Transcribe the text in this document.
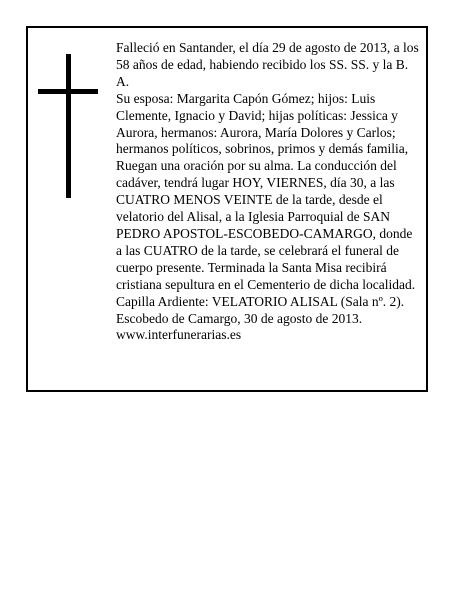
Falleció en Santander, el día 29 de agosto de 2013, a los 58 años de edad, habiendo recibido los SS. SS. y la B. A.

Su esposa: Margarita Capón Gómez; hijos: Luis Clemente, Ignacio y David; hijas políticas: Jessica y Aurora, hermanos: Aurora, María Dolores y Carlos; hermanos políticos, sobrinos, primos y demás familia, Ruegan una oración por su alma. La conducción del cadáver, tendrá lugar HOY, VIERNES, día 30, a las CUATRO MENOS VEINTE de la tarde, desde el velatorio del Alisal, a la Iglesia Parroquial de SAN PEDRO APOSTOL-ESCOBEDO-CAMARGO, donde a las CUATRO de la tarde, se celebrará el funeral de cuerpo presente. Terminada la Santa Misa recibirá cristiana sepultura en el Cementerio de dicha localidad.

Capilla Ardiente: VELATORIO ALISAL (Sala nº. 2).

Escobedo de Camargo, 30 de agosto de 2013.

www.interfunerarias.es
